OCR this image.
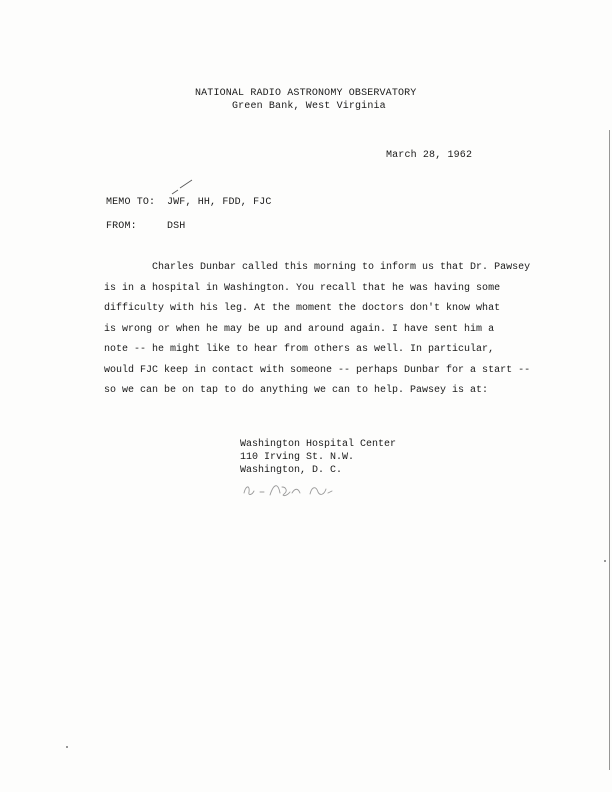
NATIONAL RADIO ASTRONOMY OBSERVATORY
Green Bank, West Virginia
March 28, 1962
MEMO TO: JWF, HH, FDD, FJC
FROM:	DSH

Charles Dunbar called this morning to inform us that Dr. Pawsey

is in a hospital in Washington. You recall that he was having some

difficulty with his leg. At the moment the doctors don't know what

is wrong or when he may be up and around again. I have sent him a

note -- he might like to hear from others as well. In particular,

would FJC keep in contact with someone -- perhaps Dunbar for a start --

so we can be on tap to do anything we can to help. Pawsey is at:

Washington Hospital Center
110 Irving St. N.W.
Washington, D. C.
